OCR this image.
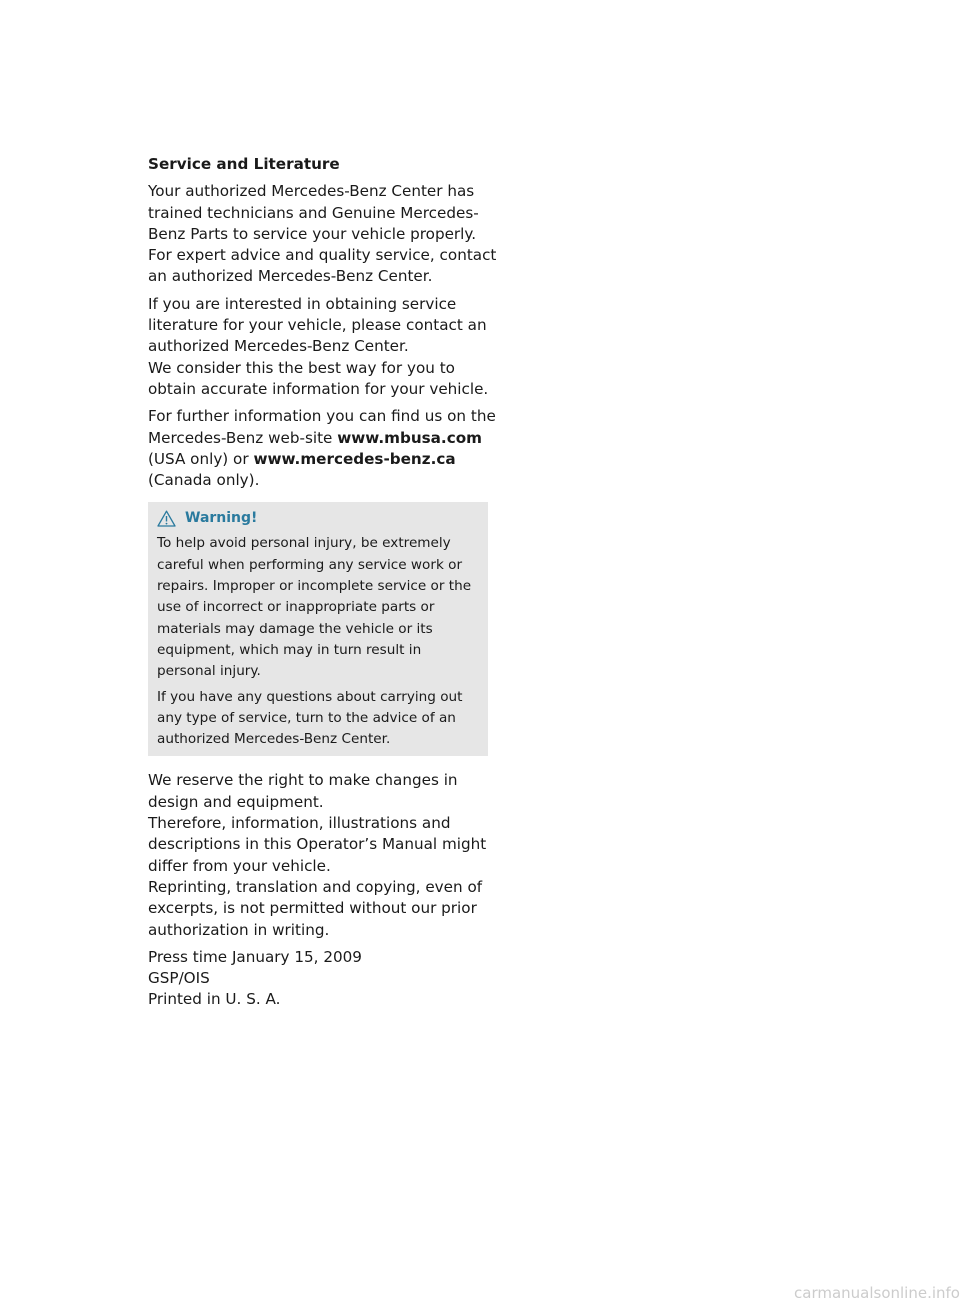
Service and Literature
Your authorized Mercedes-Benz Center has
trained technicians and Genuine Mercedes-
Benz Parts to service your vehicle properly.
For expert advice and quality service, contact
an authorized Mercedes-Benz Center.
If you are interested in obtaining service
literature for your vehicle, please contact an
authorized Mercedes-Benz Center.
We consider this the best way for you to
obtain accurate information for your vehicle.
For further information you can find us on the
Mercedes-Benz web-site www.mbusa.com
(USA only) or www.mercedes-benz.ca
(Canada only).
Warning!
To help avoid personal injury, be extremely
careful when performing any service work or
repairs. Improper or incomplete service or the
use of incorrect or inappropriate parts or
materials may damage the vehicle or its
equipment, which may in turn result in
personal injury.
If you have any questions about carrying out
any type of service, turn to the advice of an
authorized Mercedes-Benz Center.
We reserve the right to make changes in
design and equipment.
Therefore, information, illustrations and
descriptions in this Operator’s Manual might
differ from your vehicle.
Reprinting, translation and copying, even of
excerpts, is not permitted without our prior
authorization in writing.
Press time January 15, 2009
GSP/OIS
Printed in U. S. A.
carmanualsonline.info
